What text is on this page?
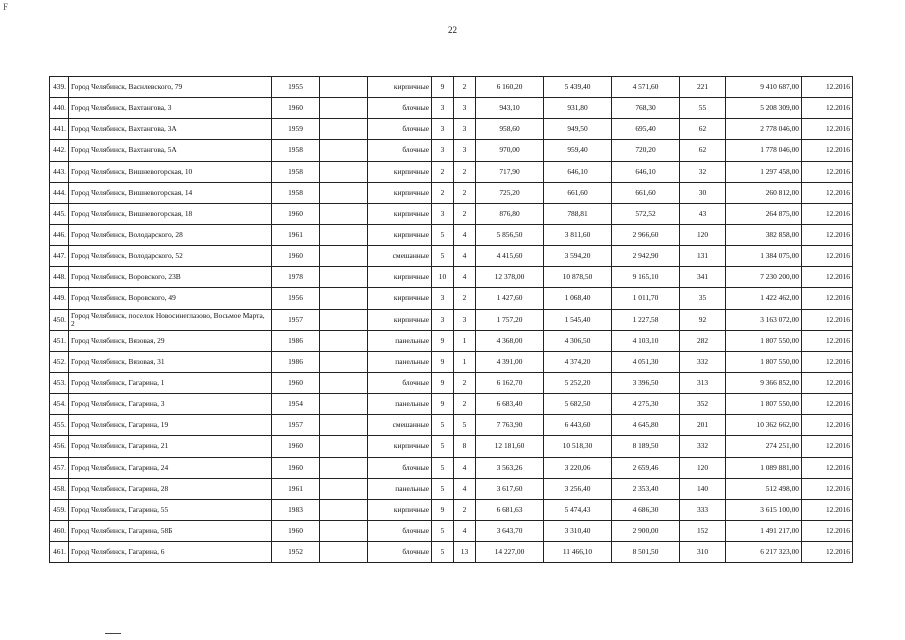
F
22
439.	Город Челябинск, Васнлевского, 79	1955		кирпичные	9	2	6 160,20	5 439,40	4 571,60	221	9 410 687,00	12.2016
440.	Город Челябинск, Вахтангова, 3	1960		блочные	3	3	943,10	931,80	768,30	55	5 208 309,00	12.2016
441.	Город Челябинск, Вахтангова, 3А	1959		блочные	3	3	958,60	949,50	695,40	62	2 778 046,00	12.2016
442.	Город Челябинск, Вахтангова, 5А	1958		блочные	3	3	970,00	959,40	720,20	62	1 778 046,00	12.2016
443.	Город Челябинск, Вишневогорская, 10	1958		кирпичные	2	2	717,90	646,10	646,10	32	1 297 458,00	12.2016
444.	Город Челябинск, Вишневогорская, 14	1958		кирпичные	2	2	725,20	661,60	661,60	30	260 812,00	12.2016
445.	Город Челябинск, Вишневогорская, 18	1960		кирпичные	3	2	876,80	788,81	572,52	43	264 875,00	12.2016
446.	Город Челябинск, Володарского, 28	1961		кирпичные	5	4	5 856,50	3 811,60	2 966,60	120	382 858,00	12.2016
447.	Город Челябинск, Володарского, 52	1960		смешанные	5	4	4 415,60	3 594,20	2 942,90	131	1 384 075,00	12.2016
448.	Город Челябинск, Воровского, 23В	1978		кирпичные	10	4	12 378,00	10 878,50	9 165,10	341	7 230 200,00	12.2016
449.	Город Челябинск, Воровского, 49	1956		кирпичные	3	2	1 427,60	1 068,40	1 011,70	35	1 422 462,00	12.2016
450.	Город Челябинск, поселок Новосинеглазово, Восьмое Марта, 2	1957		кирпичные	3	3	1 757,20	1 545,40	1 227,58	92	3 163 072,00	12.2016
451.	Город Челябинск, Вязовая, 29	1986		панельные	9	1	4 368,00	4 306,50	4 103,10	282	1 807 550,00	12.2016
452.	Город Челябинск, Вязовая, 31	1986		панельные	9	1	4 391,00	4 374,20	4 051,30	332	1 807 550,00	12.2016
453.	Город Челябинск, Гагарина, 1	1960		блочные	9	2	6 162,70	5 252,20	3 396,50	313	9 366 852,00	12.2016
454.	Город Челябинск, Гагарина, 3	1954		панельные	9	2	6 683,40	5 682,50	4 275,30	352	1 807 550,00	12.2016
455.	Город Челябинск, Гагарина, 19	1957		смешанные	5	5	7 763,90	6 443,60	4 645,80	201	10 362 662,00	12.2016
456.	Город Челябинск, Гагарина, 21	1960		кирпичные	5	8	12 181,60	10 518,30	8 189,50	332	274 251,00	12.2016
457.	Город Челябинск, Гагарина, 24	1960		блочные	5	4	3 563,26	3 220,06	2 659,46	120	1 089 881,00	12.2016
458.	Город Челябинск, Гагарина, 28	1961		панельные	5	4	3 617,60	3 256,40	2 353,40	140	512 498,00	12.2016
459.	Город Челябинск, Гагарина, 55	1983		кирпичные	9	2	6 681,63	5 474,43	4 686,30	333	3 615 100,00	12.2016
460.	Город Челябинск, Гагарина, 58Б	1960		блочные	5	4	3 643,70	3 310,40	2 900,00	152	1 491 217,00	12.2016
461.	Город Челябинск, Гагарина, 6	1952		блочные	5	13	14 227,00	11 466,10	8 501,50	310	6 217 323,00	12.2016
